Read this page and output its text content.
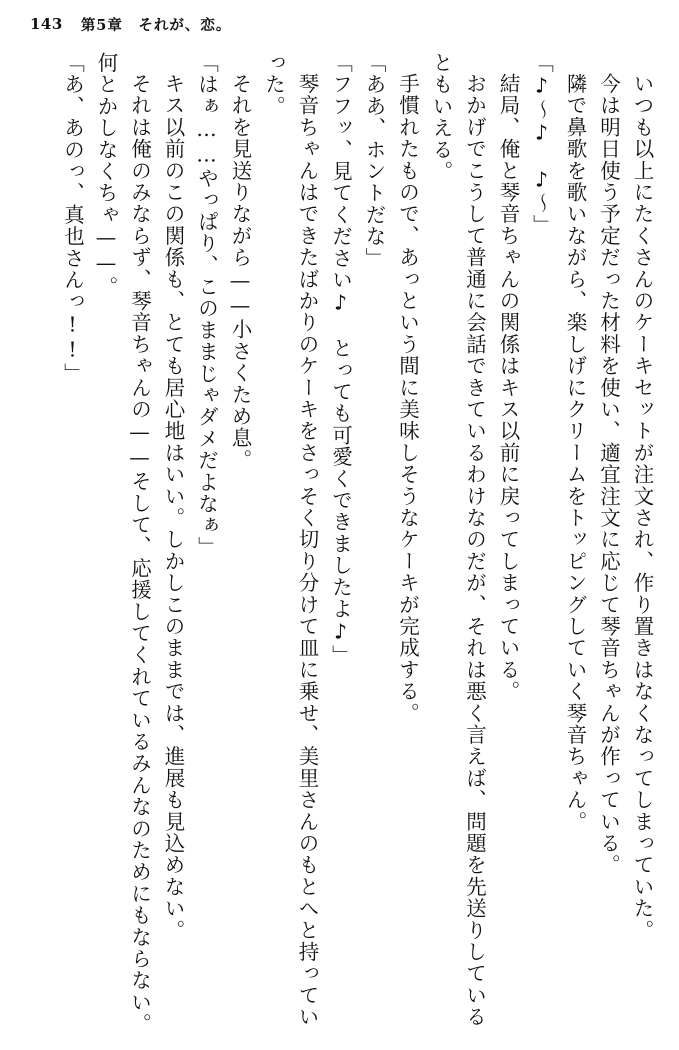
143 第5章　それが、恋。

いつも以上にたくさんのケーキセットが注文され、作り置きはなくなってしまっていた。

今は明日使う予定だった材料を使い、適宜注文に応じて琴音ちゃんが作っている。

隣で鼻歌を歌いながら、楽しげにクリームをトッピングしていく琴音ちゃん。

「♪～♪　♪～」

結局、俺と琴音ちゃんの関係はキス以前に戻ってしまっている。

おかげでこうして普通に会話できているわけなのだが、それは悪く言えば、問題を先送りしているともいえる。

手慣れたもので、あっという間に美味しそうなケーキが完成する。

「ああ、ホントだな」

「フフッ、見てください♪　とっても可愛くできましたよ♪」

琴音ちゃんはできたばかりのケーキをさっそく切り分けて皿に乗せ、美里さんのもとへと持っていった。

それを見送りながら——小さくため息。

「はぁ……やっぱり、このままじゃダメだよなぁ」

キス以前のこの関係も、とても居心地はいい。しかしこのままでは、進展も見込めない。

それは俺のみならず、琴音ちゃんの——そして、応援してくれているみんなのためにもならない。何とかしなくちゃ——。

「あ、あのっ、真也さんっ!!」
